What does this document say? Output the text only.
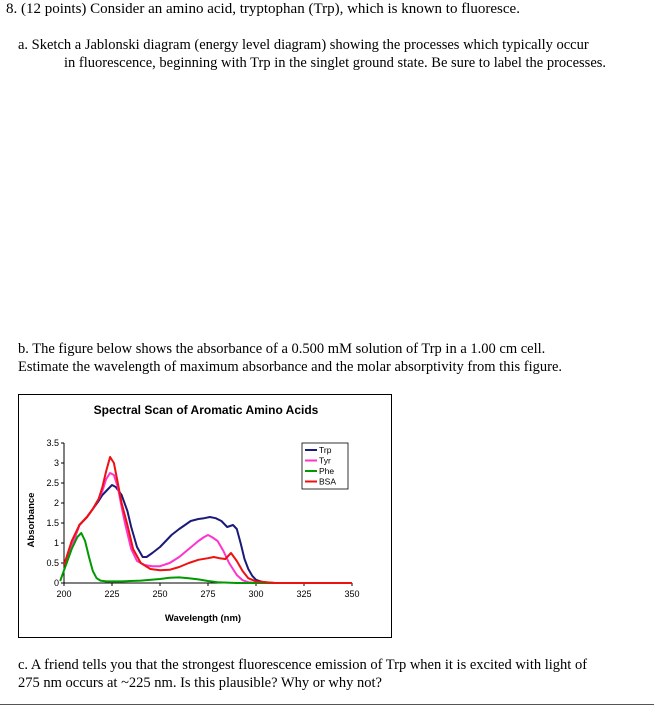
8. (12 points) Consider an amino acid, tryptophan (Trp), which is known to fluoresce.
a. Sketch a Jablonski diagram (energy level diagram) showing the processes which typically occur
in fluorescence, beginning with Trp in the singlet ground state. Be sure to label the processes.
b. The figure below shows the absorbance of a 0.500 mM solution of Trp in a 1.00 cm cell.
Estimate the wavelength of maximum absorbance and the molar absorptivity from this figure.
Spectral Scan of Aromatic Amino Acids
0
0.5
1
1.5
2
2.5
3
3.5
200	225	250	275	300	325	350
Trp
Tyr
Phe
BSA
Wavelength (nm)
Absorbance
c. A friend tells you that the strongest fluorescence emission of Trp when it is excited with light of
275 nm occurs at ~225 nm. Is this plausible? Why or why not?
